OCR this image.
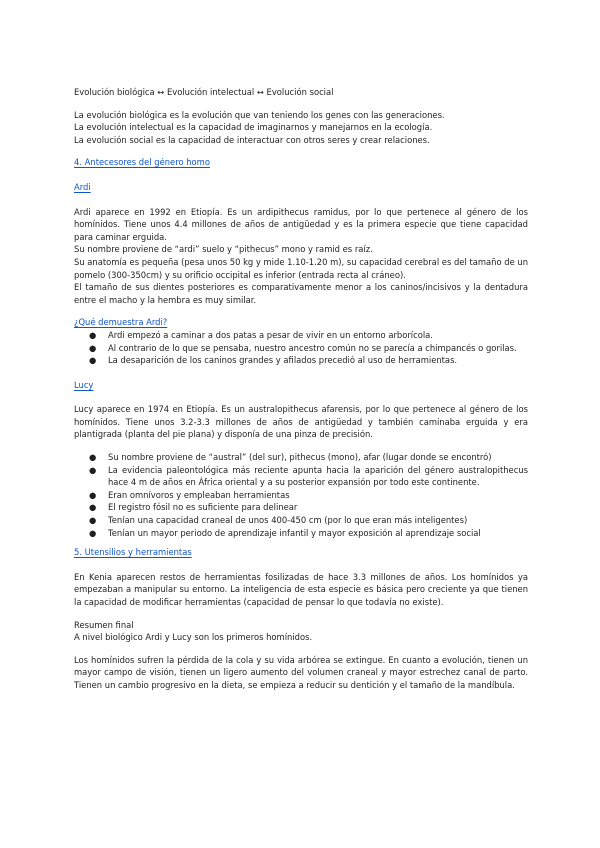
Evolución biológica ↔ Evolución intelectual ↔ Evolución social

La evolución biológica es la evolución que van teniendo los genes con las generaciones.

La evolución intelectual es la capacidad de imaginarnos y manejarnos en la ecología.

La evolución social es la capacidad de interactuar con otros seres y crear relaciones.

4. Antecesores del género homo

Ardi

Ardi aparece en 1992 en Etiopía. Es un ardipithecus ramidus, por lo que pertenece al género de los homínidos. Tiene unos 4.4 millones de años de antigüedad y es la primera especie que tiene capacidad para caminar erguida.

Su nombre proviene de “ardi” suelo y “pithecus” mono y ramid es raíz.

Su anatomía es pequeña (pesa unos 50 kg y mide 1.10-1.20 m), su capacidad cerebral es del tamaño de un pomelo (300-350cm) y su orificio occipital es inferior (entrada recta al cráneo).

El tamaño de sus dientes posteriores es comparativamente menor a los caninos/incisivos y la dentadura entre el macho y la hembra es muy similar.

¿Qué demuestra Ardi?

● Ardi empezó a caminar a dos patas a pesar de vivir en un entorno arborícola.
● Al contrario de lo que se pensaba, nuestro ancestro común no se parecía a chimpancés o gorilas.
● La desaparición de los caninos grandes y afilados precedió al uso de herramientas.

Lucy

Lucy aparece en 1974 en Etiopía. Es un australopithecus afarensis, por lo que pertenece al género de los homínidos. Tiene unos 3.2-3.3 millones de años de antigüedad y también caminaba erguida y era plantigrada (planta del pie plana) y disponía de una pinza de precisión.

● Su nombre proviene de “austral” (del sur), pithecus (mono), afar (lugar donde se encontró)
● La evidencia paleontológica más reciente apunta hacia la aparición del género australopithecus hace 4 m de años en África oriental y a su posterior expansión por todo este continente.
● Eran omnívoros y empleaban herramientas
● El registro fósil no es suficiente para delinear
● Tenían una capacidad craneal de unos 400-450 cm (por lo que eran más inteligentes)
● Tenían un mayor periodo de aprendizaje infantil y mayor exposición al aprendizaje social

5. Utensilios y herramientas

En Kenia aparecen restos de herramientas fosilizadas de hace 3.3 millones de años. Los homínidos ya empezaban a manipular su entorno. La inteligencia de esta especie es básica pero creciente ya que tienen la capacidad de modificar herramientas (capacidad de pensar lo que todavía no existe).

Resumen final

A nivel biológico Ardi y Lucy son los primeros homínidos.

Los homínidos sufren la pérdida de la cola y su vida arbórea se extingue. En cuanto a evolución, tienen un mayor campo de visión, tienen un ligero aumento del volumen craneal y mayor estrechez canal de parto. Tienen un cambio progresivo en la dieta, se empieza a reducir su dentición y el tamaño de la mandíbula.
